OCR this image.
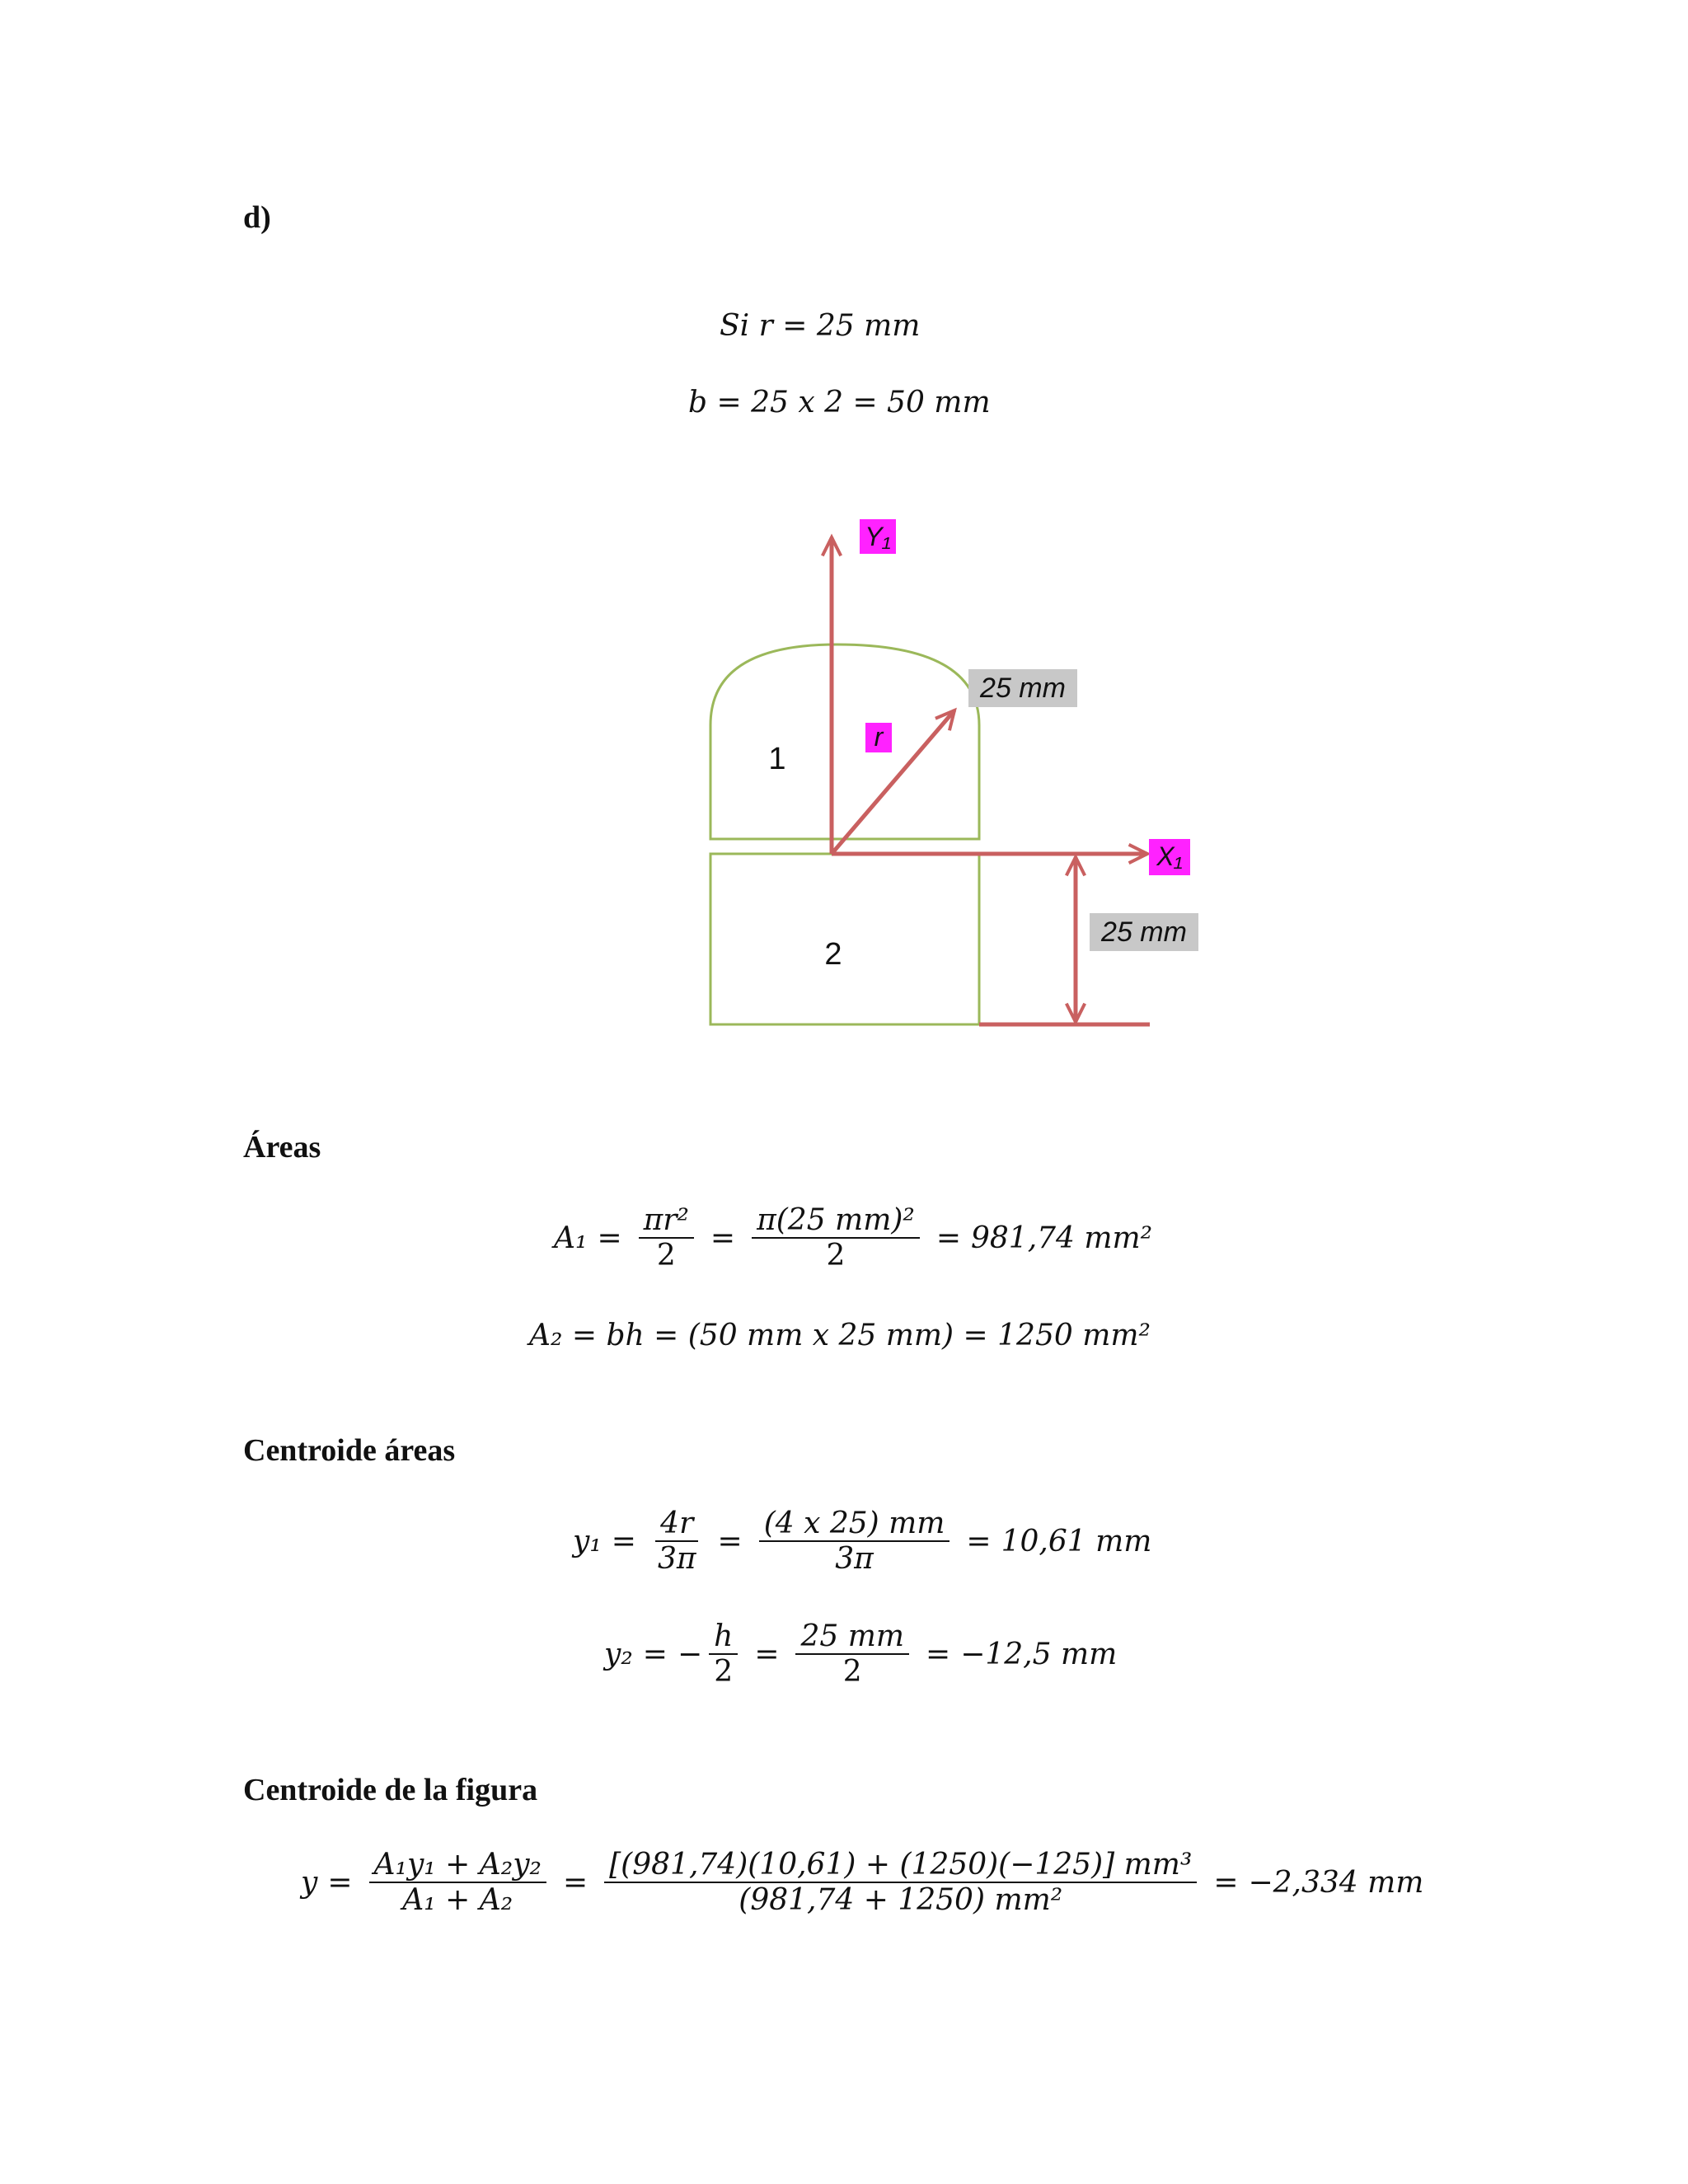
d)
Si r = 25 mm
b = 25 x 2 = 50 mm
1
2
Y₁
r
X₁
25 mm
25 mm
Áreas
$A_1 = \frac{\text{πr²}}{2} = \frac{\text{π(25 mm)²}}{2} = 981,74$ mm²
A₂ = bh = (50 mm x 25 mm) = 1250 mm²
Centroide áreas
$y_1 = \frac{4r}{3\pi} = \frac{(4 x 25) mm}{3\pi} = 10,61$ mm
y₂ = − $\frac{h}{2} = \frac{25 mm}{2} = -12,5$ mm
Centroide de la figura
$y = \frac{\text{A₁y₁ + A₂y₂}}{\text{A₁ + A₂}} = \frac{\text{[(981,74)(10,61) + (1250)(−125)] mm³}}{\text{(981,74 + 1250) mm²}} = -2,334$ mm
